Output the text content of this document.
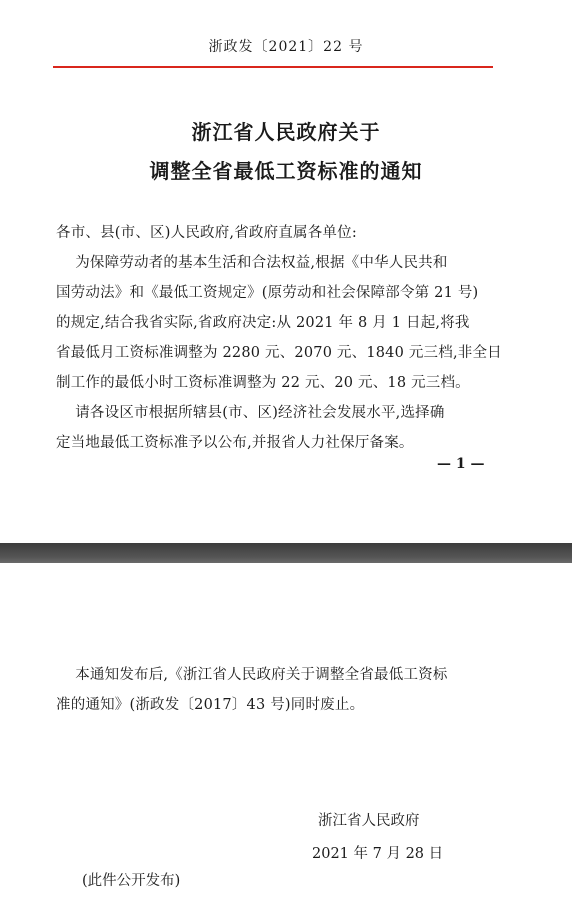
浙政发〔2021〕22 号
浙江省人民政府关于
调整全省最低工资标准的通知
各市、县(市、区)人民政府,省政府直属各单位:
为保障劳动者的基本生活和合法权益,根据《中华人民共和
国劳动法》和《最低工资规定》(原劳动和社会保障部令第 21 号)
的规定,结合我省实际,省政府决定:从 2021 年 8 月 1 日起,将我
省最低月工资标准调整为 2280 元、2070 元、1840 元三档,非全日
制工作的最低小时工资标准调整为 22 元、20 元、18 元三档。
请各设区市根据所辖县(市、区)经济社会发展水平,选择确
定当地最低工资标准予以公布,并报省人力社保厅备案。
— 1 —
本通知发布后,《浙江省人民政府关于调整全省最低工资标
准的通知》(浙政发〔2017〕43 号)同时废止。
浙江省人民政府
2021 年 7 月 28 日
(此件公开发布)
